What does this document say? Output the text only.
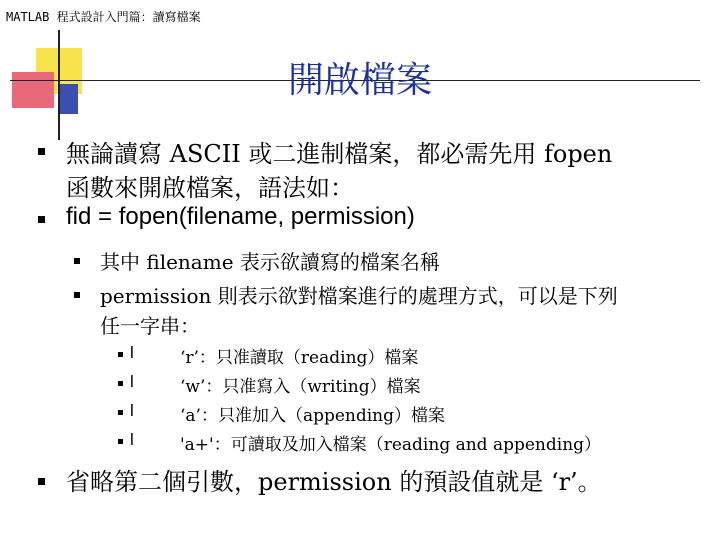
MATLAB 程式設計入門篇：讀寫檔案
開啟檔案
無論讀寫 ASCII 或二進制檔案，都必需先用 fopen
函數來開啟檔案，語法如：
fid = fopen(filename, permission)
其中 filename 表示欲讀寫的檔案名稱
permission 則表示欲對檔案進行的處理方式，可以是下列
任一字串：
l	‘r’：只准讀取（reading）檔案
l	‘w’：只准寫入（writing）檔案
l	‘a’：只准加入（appending）檔案
l	'a+'：可讀取及加入檔案（reading and appending）
省略第二個引數，permission 的預設值就是 ‘r’。
